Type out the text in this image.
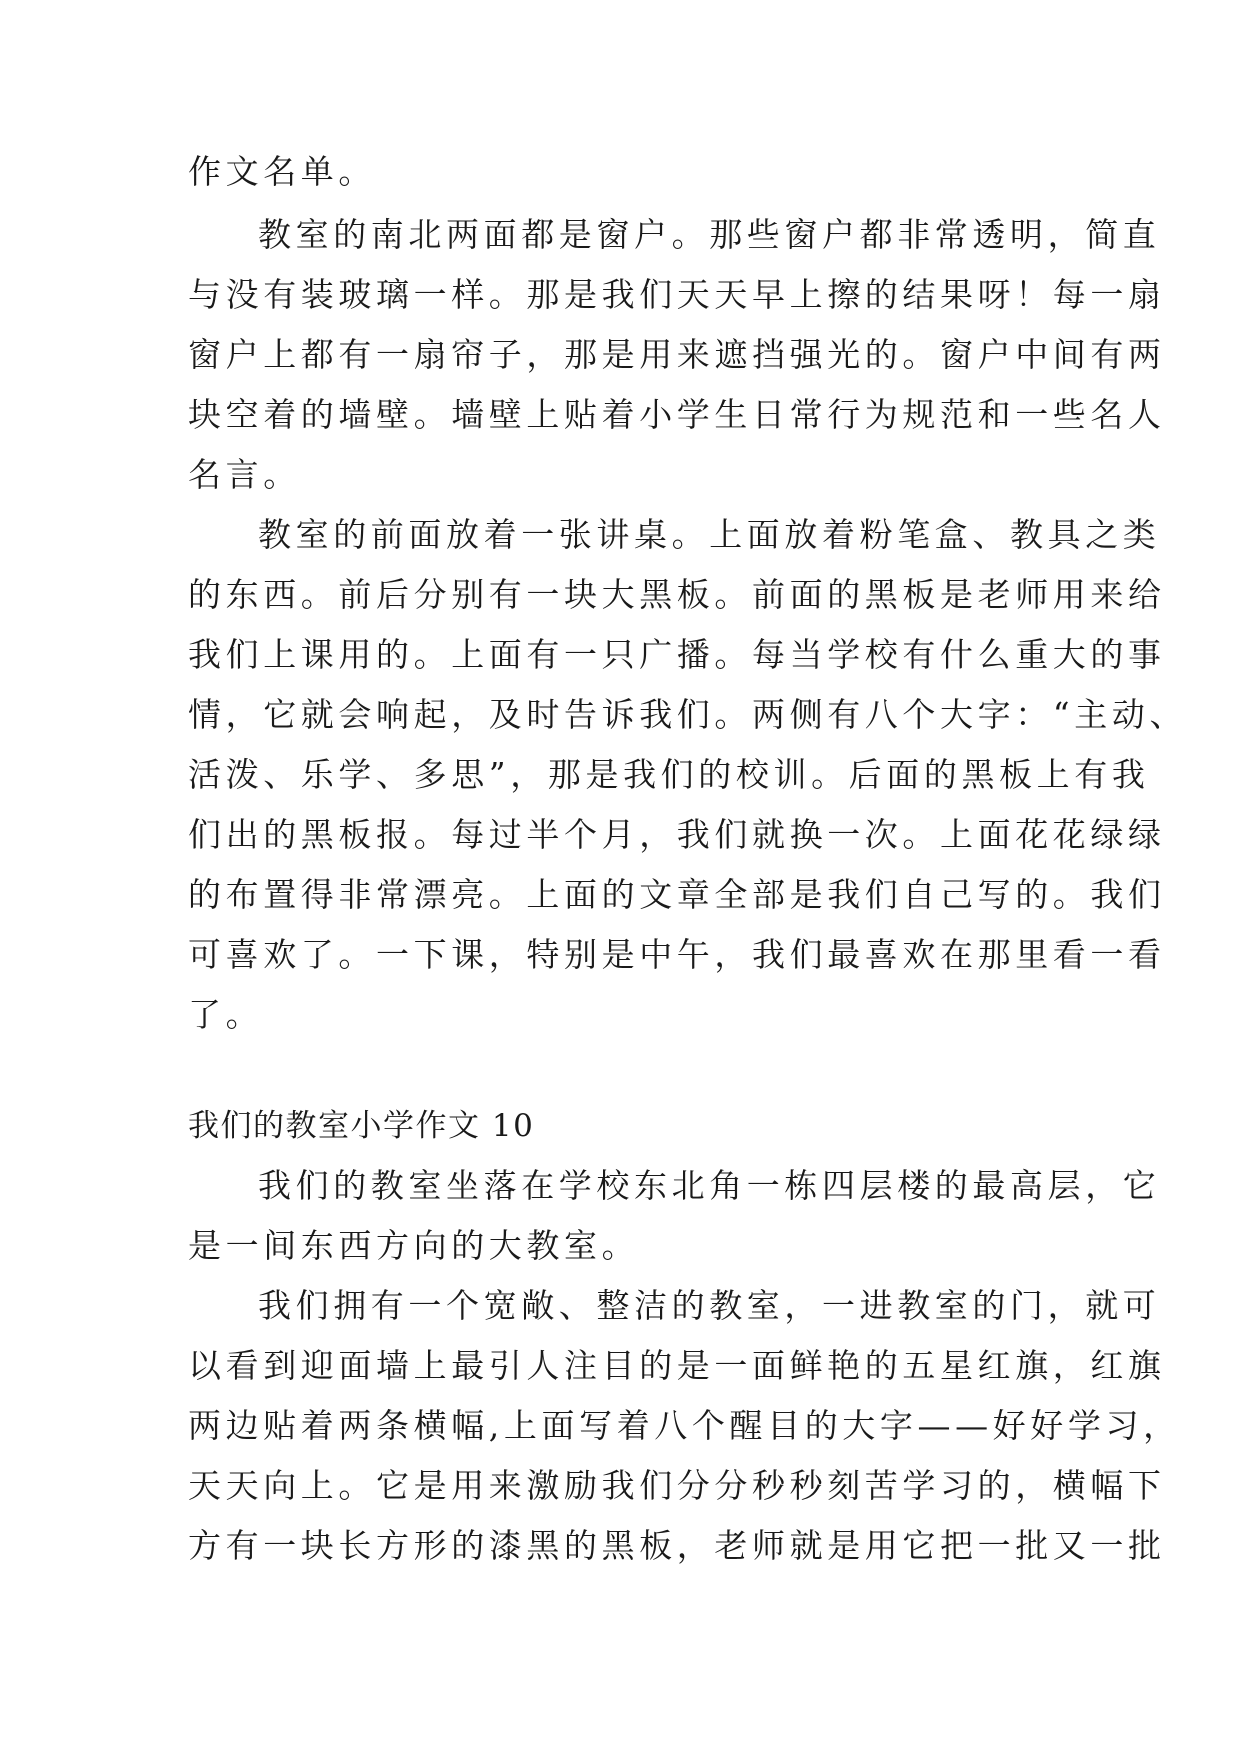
作文名单。
教室的南北两面都是窗户。那些窗户都非常透明，简直
与没有装玻璃一样。那是我们天天早上擦的结果呀！每一扇
窗户上都有一扇帘子，那是用来遮挡强光的。窗户中间有两
块空着的墙壁。墙壁上贴着小学生日常行为规范和一些名人
名言。
教室的前面放着一张讲桌。上面放着粉笔盒、教具之类
的东西。前后分别有一块大黑板。前面的黑板是老师用来给
我们上课用的。上面有一只广播。每当学校有什么重大的事
情，它就会响起，及时告诉我们。两侧有八个大字：“主动、
活泼、乐学、多思”，那是我们的校训。后面的黑板上有我
们出的黑板报。每过半个月，我们就换一次。上面花花绿绿
的布置得非常漂亮。上面的文章全部是我们自己写的。我们
可喜欢了。一下课，特别是中午，我们最喜欢在那里看一看
了。
我们的教室小学作文 10
我们的教室坐落在学校东北角一栋四层楼的最高层，它
是一间东西方向的大教室。
我们拥有一个宽敞、整洁的教室，一进教室的门，就可
以看到迎面墙上最引人注目的是一面鲜艳的五星红旗，红旗
两边贴着两条横幅,上面写着八个醒目的大字——好好学习，
天天向上。它是用来激励我们分分秒秒刻苦学习的，横幅下
方有一块长方形的漆黑的黑板，老师就是用它把一批又一批
